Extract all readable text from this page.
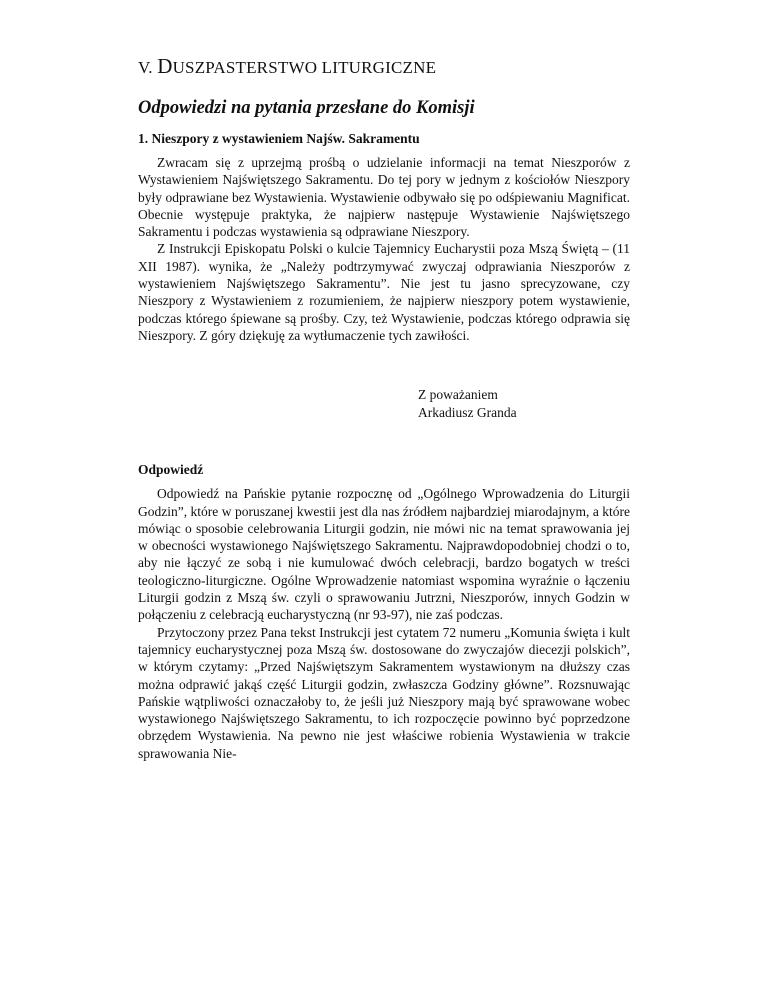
V. DUSZPASTERSTWO LITURGICZNE
Odpowiedzi na pytania przesłane do Komisji
1. Nieszpory z wystawieniem Najśw. Sakramentu

Zwracam się z uprzejmą prośbą o udzielanie informacji na temat Nieszporów z Wystawieniem Najświętszego Sakramentu. Do tej pory w jednym z kościołów Nieszpory były odprawiane bez Wystawienia. Wystawienie odbywało się po odśpiewaniu Magnificat. Obecnie występuje praktyka, że najpierw następuje Wystawienie Najświętszego Sakramentu i podczas wystawienia są odprawiane Nieszpory.

Z Instrukcji Episkopatu Polski o kulcie Tajemnicy Eucharystii poza Mszą Świętą – (11 XII 1987). wynika, że „Należy podtrzymywać zwyczaj odprawiania Nieszporów z wystawieniem Najświętszego Sakramentu”. Nie jest tu jasno sprecyzowane, czy Nieszpory z Wystawieniem z rozumieniem, że najpierw nieszpory potem wystawienie, podczas którego śpiewane są prośby. Czy, też Wystawienie, podczas którego odprawia się Nieszpory. Z góry dziękuję za wytłumaczenie tych zawiłości.

Z poważaniem
Arkadiusz Granda
Odpowiedź

Odpowiedź na Pańskie pytanie rozpocznę od „Ogólnego Wprowadzenia do Liturgii Godzin”, które w poruszanej kwestii jest dla nas źródłem najbardziej miarodajnym, a które mówiąc o sposobie celebrowania Liturgii godzin, nie mówi nic na temat sprawowania jej w obecności wystawionego Najświętszego Sakramentu. Najprawdopodobniej chodzi o to, aby nie łączyć ze sobą i nie kumulować dwóch celebracji, bardzo bogatych w treści teologiczno-liturgiczne. Ogólne Wprowadzenie natomiast wspomina wyraźnie o łączeniu Liturgii godzin z Mszą św. czyli o sprawowaniu Jutrzni, Nieszporów, innych Godzin w połączeniu z celebracją eucharystyczną (nr 93-97), nie zaś podczas.

Przytoczony przez Pana tekst Instrukcji jest cytatem 72 numeru „Komunia święta i kult tajemnicy eucharystycznej poza Mszą św. dostosowane do zwyczajów diecezji polskich”, w którym czytamy: „Przed Najświętszym Sakramentem wystawionym na dłuższy czas można odprawić jakąś część Liturgii godzin, zwłaszcza Godziny główne”. Rozsnuwając Pańskie wątpliwości oznaczałoby to, że jeśli już Nieszpory mają być sprawowane wobec wystawionego Najświętszego Sakramentu, to ich rozpoczęcie powinno być poprzedzone obrzędem Wystawienia. Na pewno nie jest właściwe robienia Wystawienia w trakcie sprawowania Nie-
